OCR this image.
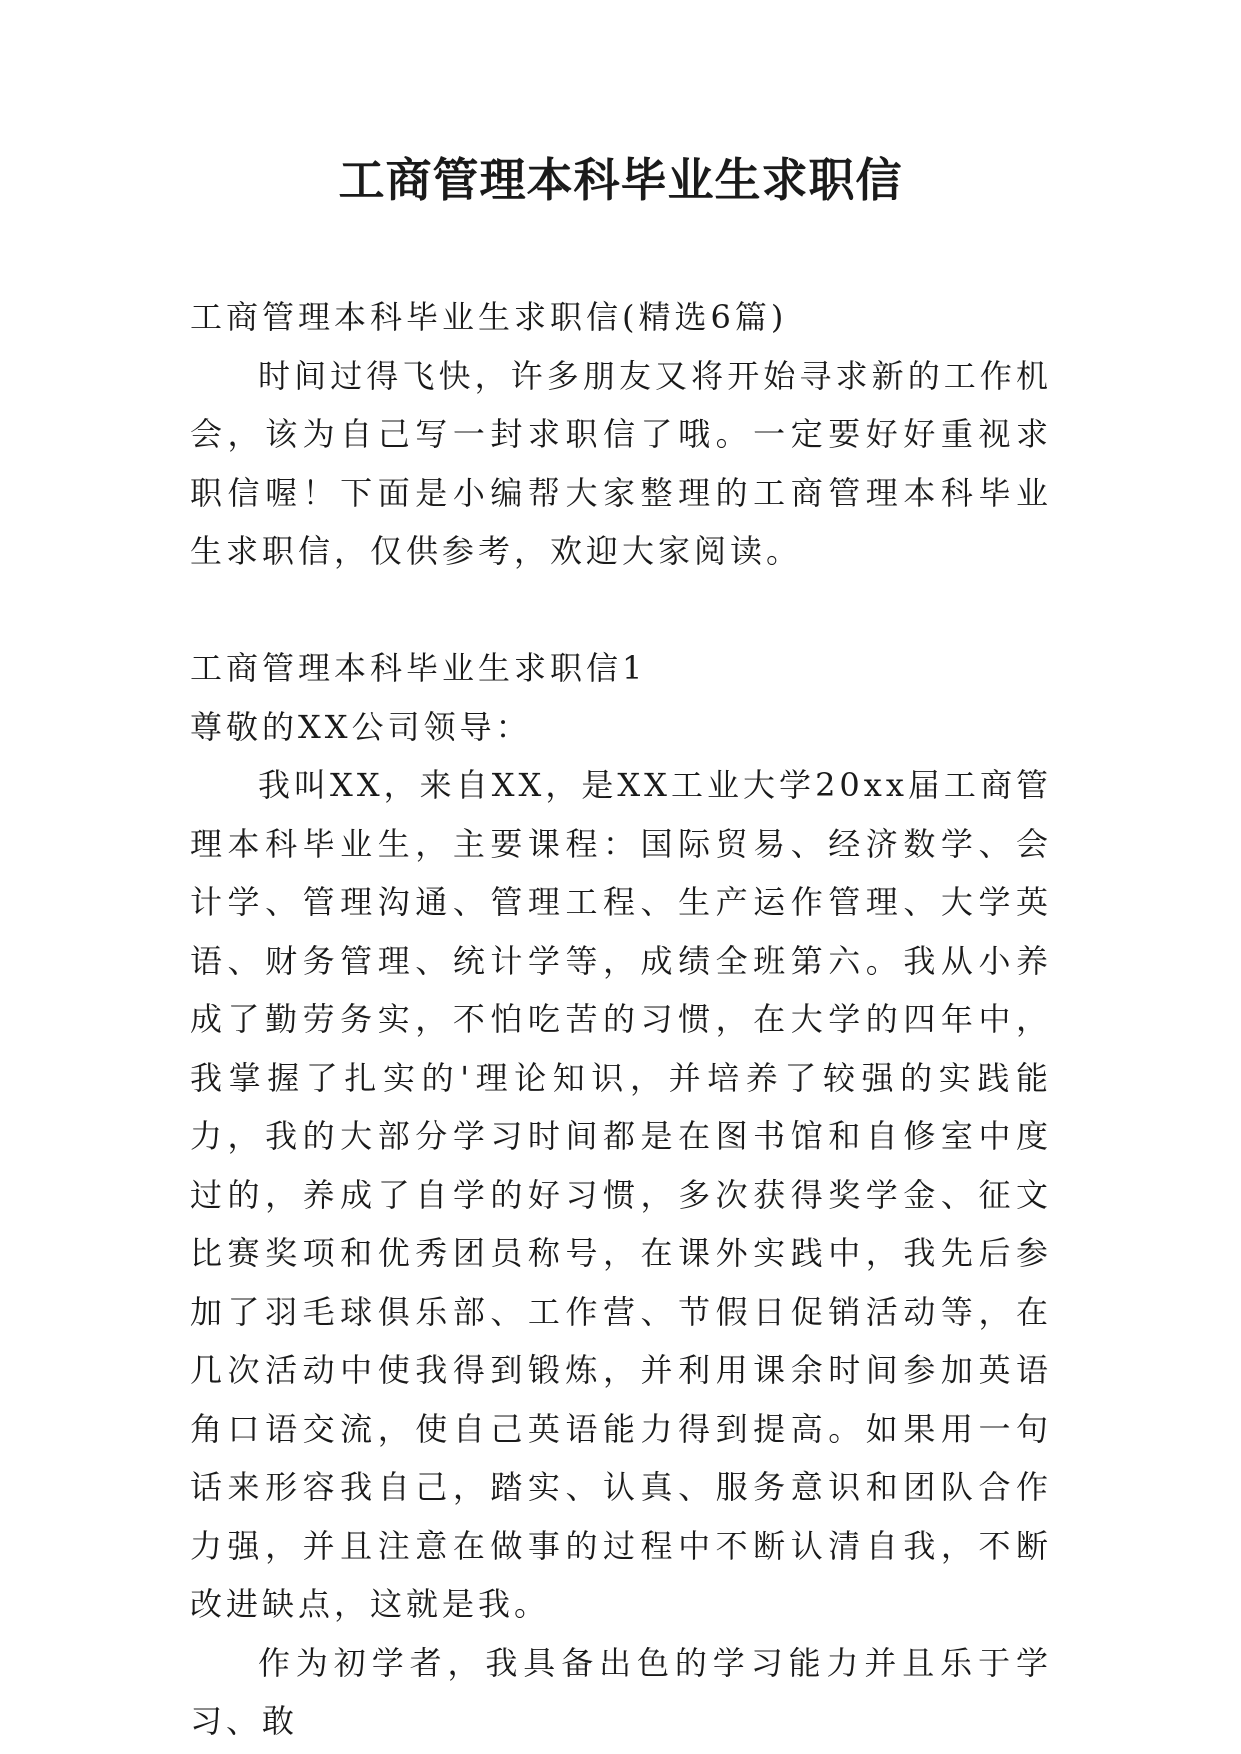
工商管理本科毕业生求职信

工商管理本科毕业生求职信(精选6篇)

时间过得飞快，许多朋友又将开始寻求新的工作机会，该为自己写一封求职信了哦。一定要好好重视求职信喔！下面是小编帮大家整理的工商管理本科毕业生求职信，仅供参考，欢迎大家阅读。

工商管理本科毕业生求职信1

尊敬的XX公司领导：

我叫XX，来自XX，是XX工业大学20xx届工商管理本科毕业生，主要课程：国际贸易、经济数学、会计学、管理沟通、管理工程、生产运作管理、大学英语、财务管理、统计学等，成绩全班第六。我从小养成了勤劳务实，不怕吃苦的习惯，在大学的四年中，我掌握了扎实的'理论知识，并培养了较强的实践能力，我的大部分学习时间都是在图书馆和自修室中度过的，养成了自学的好习惯，多次获得奖学金、征文比赛奖项和优秀团员称号，在课外实践中，我先后参加了羽毛球俱乐部、工作营、节假日促销活动等，在几次活动中使我得到锻炼，并利用课余时间参加英语角口语交流，使自己英语能力得到提高。如果用一句话来形容我自己，踏实、认真、服务意识和团队合作力强，并且注意在做事的过程中不断认清自我，不断改进缺点，这就是我。

作为初学者，我具备出色的学习能力并且乐于学习、敢
